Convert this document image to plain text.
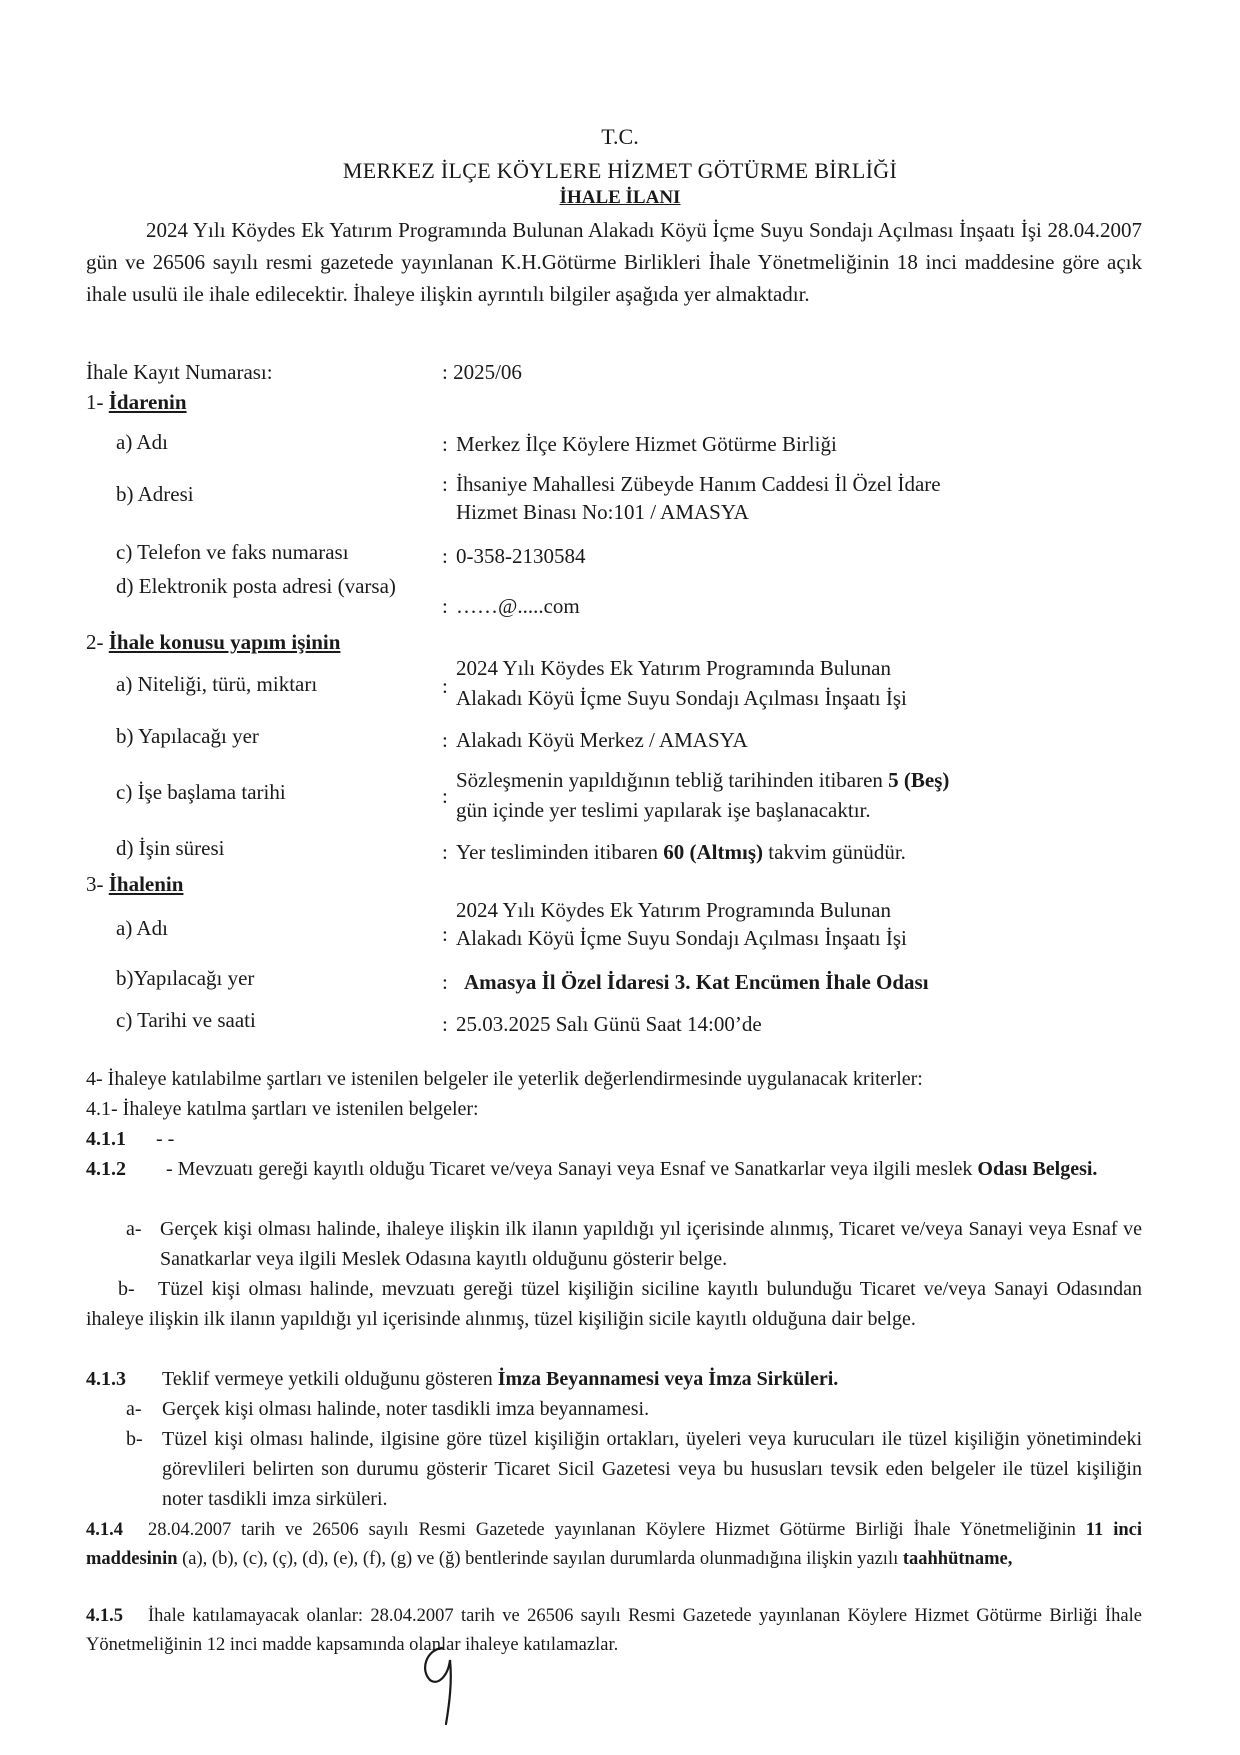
T.C.
MERKEZ İLÇE KÖYLERE HİZMET GÖTÜRME BİRLİĞİ
İHALE İLANI
2024 Yılı Köydes Ek Yatırım Programında Bulunan Alakadı Köyü İçme Suyu Sondajı Açılması İnşaatı İşi 28.04.2007 gün ve 26506 sayılı resmi gazetede yayınlanan K.H.Götürme Birlikleri İhale Yönetmeliğinin 18 inci maddesine göre açık ihale usulü ile ihale edilecektir. İhaleye ilişkin ayrıntılı bilgiler aşağıda yer almaktadır.
İhale Kayıt Numarası:	: 2025/06
1- İdarenin
a) Adı	: Merkez İlçe Köylere Hizmet Götürme Birliği
b) Adresi	: İhsaniye Mahallesi Zübeyde Hanım Caddesi İl Özel İdare
Hizmet Binası No:101 / AMASYA
c) Telefon ve faks numarası	: 0-358-2130584
d) Elektronik posta adresi (varsa)
: ……@.....com
2- İhale konusu yapım işinin
a) Niteliği, türü, miktarı	:
2024 Yılı Köydes Ek Yatırım Programında Bulunan
Alakadı Köyü İçme Suyu Sondajı Açılması İnşaatı İşi
b) Yapılacağı yer	: Alakadı Köyü Merkez / AMASYA
c) İşe başlama tarihi	:
Sözleşmenin yapıldığının tebliğ tarihinden itibaren 5 (Beş)
gün içinde yer teslimi yapılarak işe başlanacaktır.
d) İşin süresi	: Yer tesliminden itibaren 60 (Altmış) takvim günüdür.
3- İhalenin
a) Adı	:
2024 Yılı Köydes Ek Yatırım Programında Bulunan
Alakadı Köyü İçme Suyu Sondajı Açılması İnşaatı İşi
b)Yapılacağı yer	: Amasya İl Özel İdaresi 3. Kat Encümen İhale Odası
c) Tarihi ve saati	: 25.03.2025 Salı Günü Saat 14:00’de
4- İhaleye katılabilme şartları ve istenilen belgeler ile yeterlik değerlendirmesinde uygulanacak kriterler:
4.1- İhaleye katılma şartları ve istenilen belgeler:
4.1.1 - -
4.1.2	- Mevzuatı gereği kayıtlı olduğu Ticaret ve/veya Sanayi veya Esnaf ve Sanatkarlar veya ilgili meslek Odası Belgesi.
a- Gerçek kişi olması halinde, ihaleye ilişkin ilk ilanın yapıldığı yıl içerisinde alınmış, Ticaret ve/veya Sanayi veya Esnaf ve Sanatkarlar veya ilgili Meslek Odasına kayıtlı olduğunu gösterir belge.
b-	Tüzel kişi olması halinde, mevzuatı gereği tüzel kişiliğin siciline kayıtlı bulunduğu Ticaret ve/veya Sanayi Odasından ihaleye ilişkin ilk ilanın yapıldığı yıl içerisinde alınmış, tüzel kişiliğin sicile kayıtlı olduğuna dair belge.
4.1.3 Teklif vermeye yetkili olduğunu gösteren İmza Beyannamesi veya İmza Sirküleri.
a- Gerçek kişi olması halinde, noter tasdikli imza beyannamesi.
b- Tüzel kişi olması halinde, ilgisine göre tüzel kişiliğin ortakları, üyeleri veya kurucuları ile tüzel kişiliğin yönetimindeki görevlileri belirten son durumu gösterir Ticaret Sicil Gazetesi veya bu hususları tevsik eden belgeler ile tüzel kişiliğin noter tasdikli imza sirküleri.
4.1.4	28.04.2007 tarih ve 26506 sayılı Resmi Gazetede yayınlanan Köylere Hizmet Götürme Birliği İhale Yönetmeliğinin 11 inci maddesinin (a), (b), (c), (ç), (d), (e), (f), (g) ve (ğ) bentlerinde sayılan durumlarda olunmadığına ilişkin yazılı taahhütname,
4.1.5	İhale katılamayacak olanlar: 28.04.2007 tarih ve 26506 sayılı Resmi Gazetede yayınlanan Köylere Hizmet Götürme Birliği İhale Yönetmeliğinin 12 inci madde kapsamında olanlar ihaleye katılamazlar.
